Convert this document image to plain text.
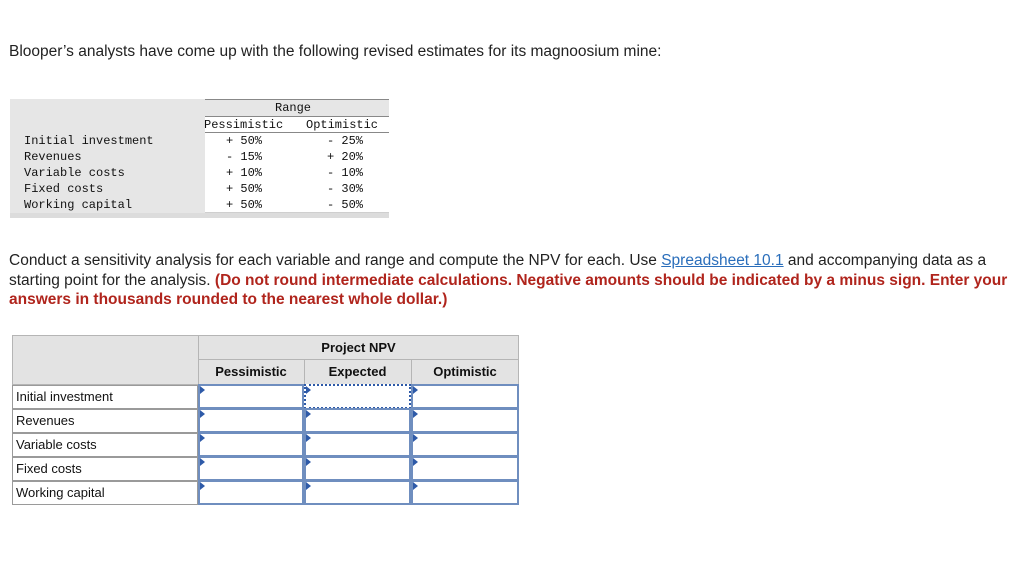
Blooper’s analysts have come up with the following revised estimates for its magnoosium mine:

Range
Pessimistic Optimistic
Initial investment	+ 50%	- 25%
Revenues	- 15%	+ 20%
Variable costs	+ 10%	- 10%
Fixed costs	+ 50%	- 30%
Working capital	+ 50%	- 50%

Conduct a sensitivity analysis for each variable and range and compute the NPV for each. Use Spreadsheet 10.1 and accompanying data as a starting point for the analysis. (Do not round intermediate calculations. Negative amounts should be indicated by a minus sign. Enter your answers in thousands rounded to the nearest whole dollar.)

Project NPV
Pessimistic	Expected	Optimistic
Initial investment
Revenues
Variable costs
Fixed costs
Working capital
